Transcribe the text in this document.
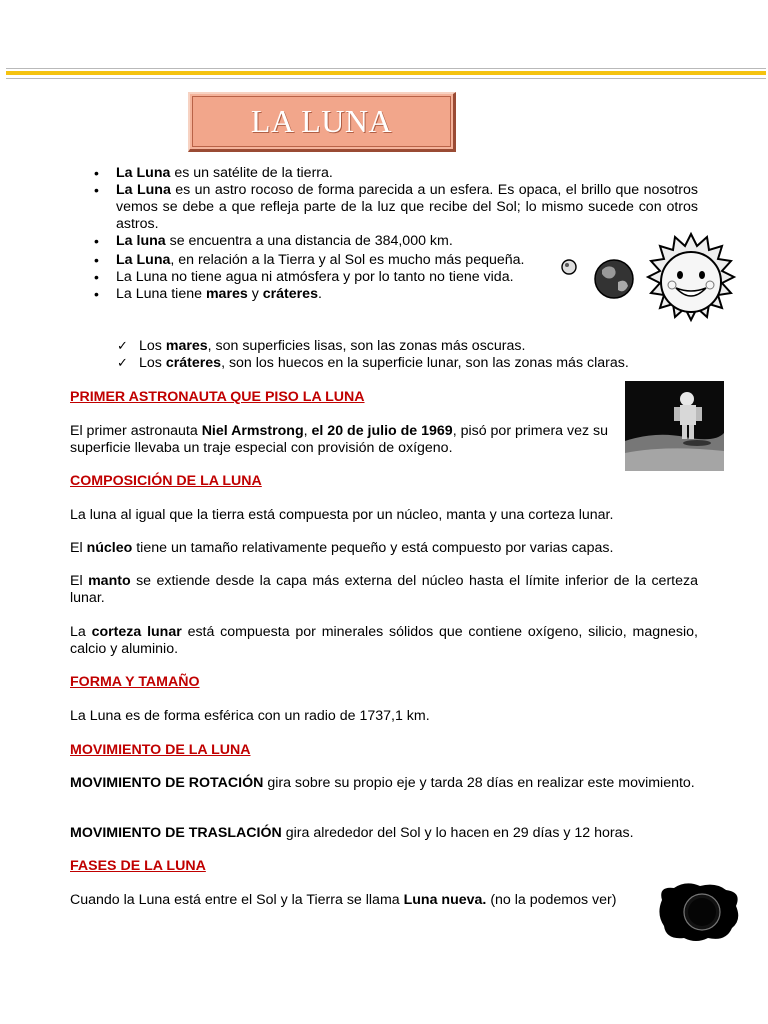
LA LUNA
• La Luna es un satélite de la tierra.
• La Luna es un astro rocoso de forma parecida a un esfera. Es opaca, el brillo que nosotros vemos se debe a que refleja parte de la luz que recibe del Sol; lo mismo sucede con otros astros.
• La luna se encuentra a una distancia de 384,000 km.
• La Luna, en relación a la Tierra y al Sol es mucho más pequeña.
• La Luna no tiene agua ni atmósfera y por lo tanto no tiene vida.
• La Luna tiene mares y cráteres.
✓ Los mares, son superficies lisas, son las zonas más oscuras.
✓ Los cráteres, son los huecos en la superficie lunar, son las zonas más claras.

PRIMER ASTRONAUTA QUE PISO LA LUNA

El primer astronauta Niel Armstrong, el 20 de julio de 1969, pisó por primera vez su superficie llevaba un traje especial con provisión de oxígeno.

COMPOSICIÓN DE LA LUNA

La luna al igual que la tierra está compuesta por un núcleo, manta y una corteza lunar.

El núcleo tiene un tamaño relativamente pequeño y está compuesto por varias capas.

El manto se extiende desde la capa más externa del núcleo hasta el límite inferior de la certeza lunar.

La corteza lunar está compuesta por minerales sólidos que contiene oxígeno, silicio, magnesio, calcio y aluminio.

FORMA Y TAMAÑO

La Luna es de forma esférica con un radio de 1737,1 km.

MOVIMIENTO DE LA LUNA

MOVIMIENTO DE ROTACIÓN gira sobre su propio eje y tarda 28 días en realizar este movimiento.

MOVIMIENTO DE TRASLACIÓN gira alrededor del Sol y lo hacen en 29 días y 12 horas.

FASES DE LA LUNA

Cuando la Luna está entre el Sol y la Tierra se llama Luna nueva. (no la podemos ver)
